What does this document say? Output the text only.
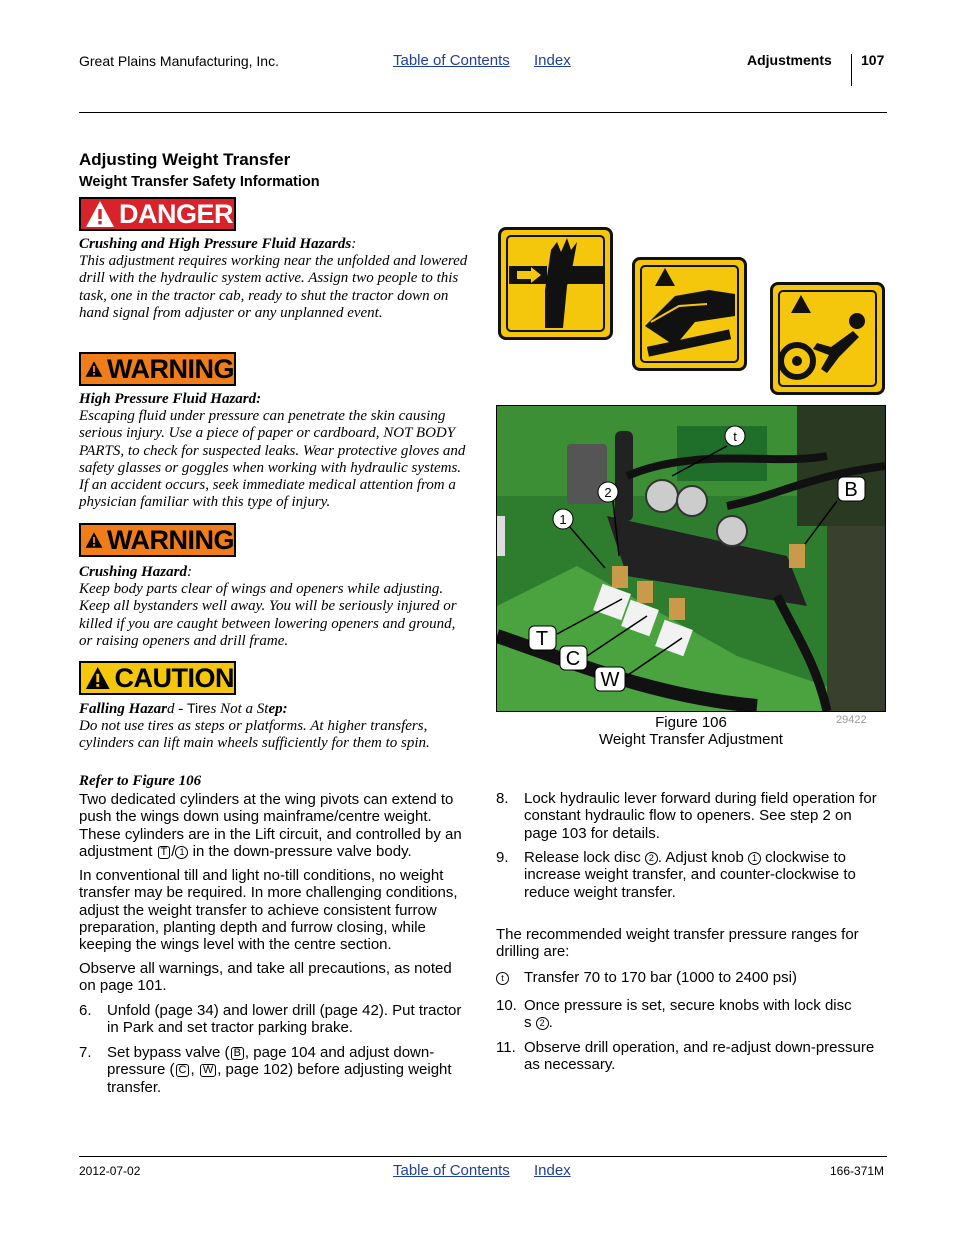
Great Plains Manufacturing, Inc.	Table of Contents Index	Adjustments 107
Adjusting Weight Transfer
Weight Transfer Safety Information
DANGER
Crushing and High Pressure Fluid Hazards:
This adjustment requires working near the unfolded and lowered drill with the hydraulic system active. Assign two people to this task, one in the tractor cab, ready to shut the tractor down on hand signal from adjuster or any unplanned event.
WARNING
High Pressure Fluid Hazard:
Escaping fluid under pressure can penetrate the skin causing serious injury. Use a piece of paper or cardboard, NOT BODY PARTS, to check for suspected leaks. Wear protective gloves and safety glasses or goggles when working with hydraulic systems. If an accident occurs, seek immediate medical attention from a physician familiar with this type of injury.
WARNING
Crushing Hazard:
Keep body parts clear of wings and openers while adjusting. Keep all bystanders well away. You will be seriously injured or killed if you are caught between lowering openers and ground, or raising openers and drill frame.
CAUTION
Falling Hazard - Tires Not a Step:
Do not use tires as steps or platforms. At higher transfers, cylinders can lift main wheels sufficiently for them to spin.
Refer to Figure 106
Two dedicated cylinders at the wing pivots can extend to push the wings down using mainframe/centre weight. These cylinders are in the Lift circuit, and controlled by an adjustment T / 1 in the down-pressure valve body.
In conventional till and light no-till conditions, no weight transfer may be required. In more challenging conditions, adjust the weight transfer to achieve consistent furrow preparation, planting depth and furrow closing, while keeping the wings level with the centre section.
Observe all warnings, and take all precautions, as noted on page 101.
6.	Unfold (page 34) and lower drill (page 42). Put tractor in Park and set tractor parking brake.
7.	Set bypass valve ( B , page 104 and adjust down-pressure ( C , W , page 102) before adjusting weight transfer.
t
2
1
B
T
C
W
Figure 106	29422
Weight Transfer Adjustment
8.	Lock hydraulic lever forward during field operation for constant hydraulic flow to openers. See step 2 on page 103 for details.
9.	Release lock disc 2 . Adjust knob 1 clockwise to increase weight transfer, and counter-clockwise to reduce weight transfer.
The recommended weight transfer pressure ranges for drilling are:
t	Transfer 70 to 170 bar (1000 to 2400 psi)
10. Once pressure is set, secure knobs with lock disc
s 2 .
11. Observe drill operation, and re-adjust down-pressure as necessary.
2012-07-02	Table of Contents Index	166-371M
